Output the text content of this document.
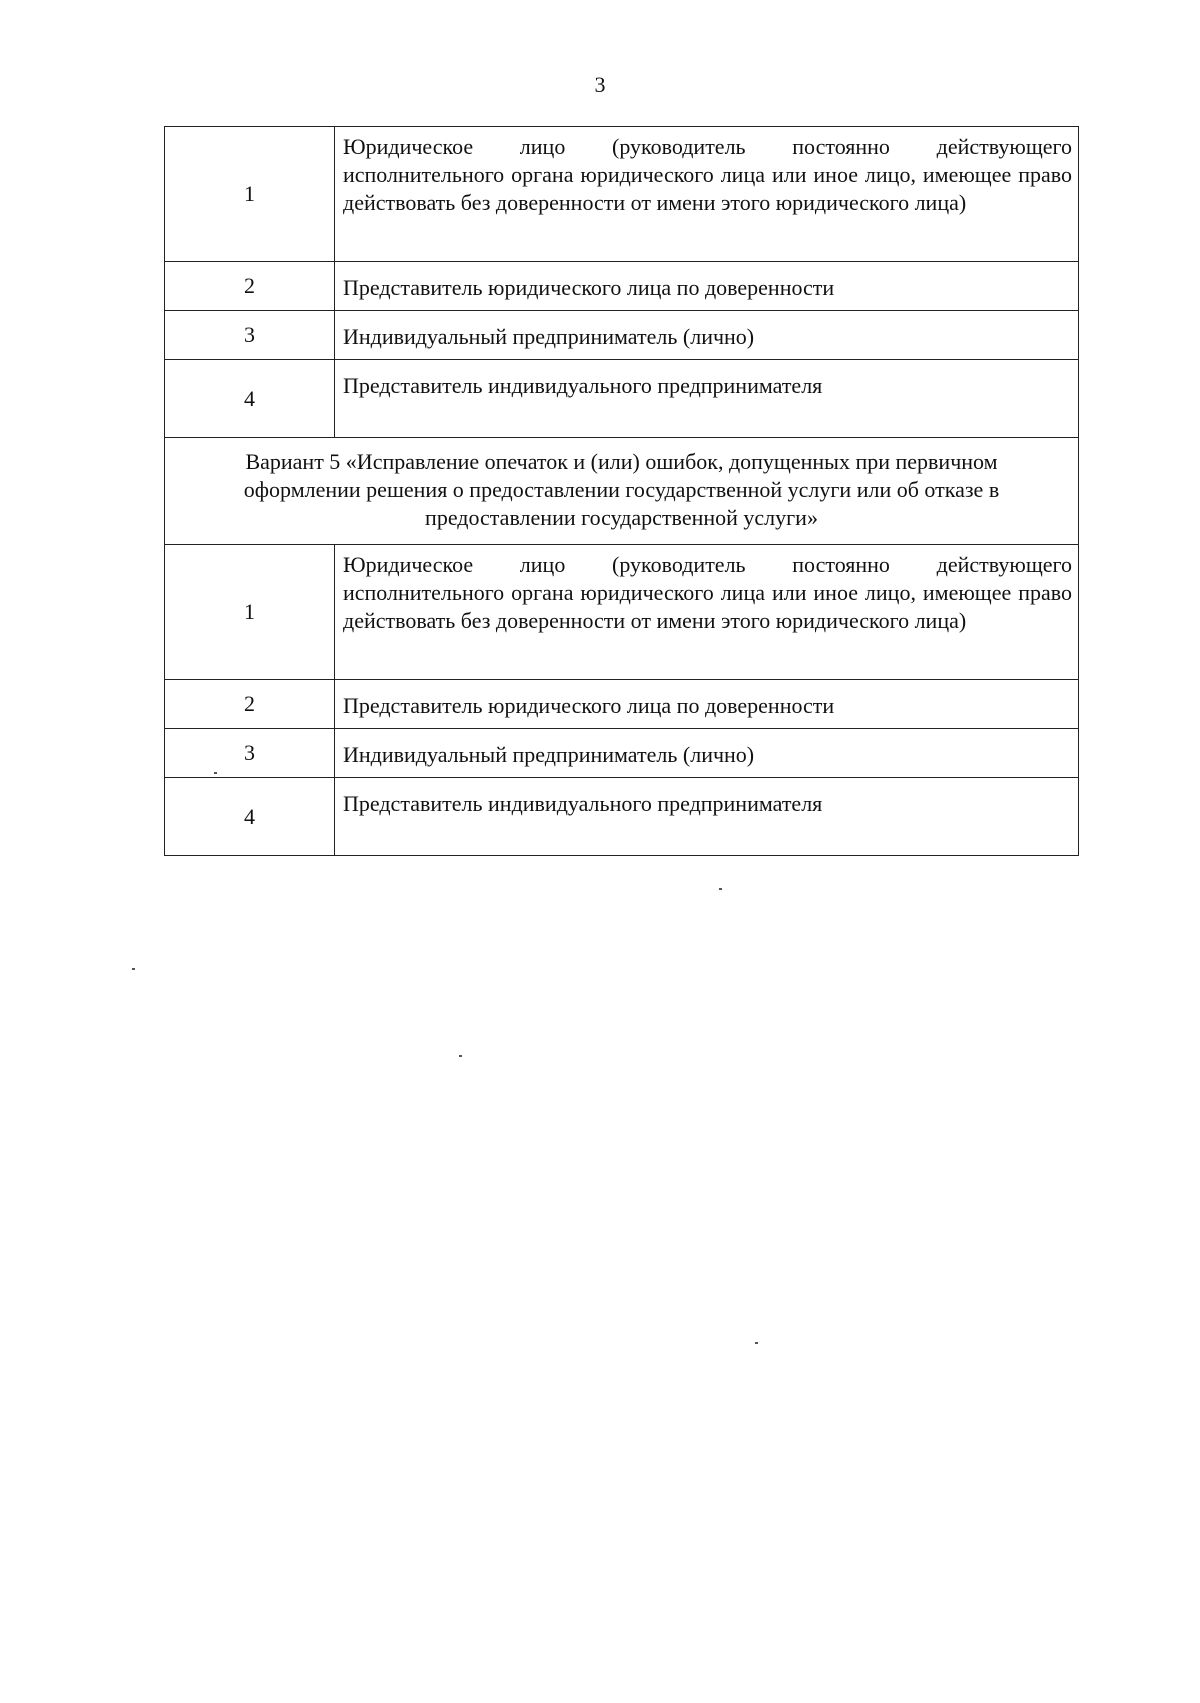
3
1	Юридическое лицо (руководитель постоянно действующего исполнительного органа юридического лица или иное лицо, имеющее право действовать без доверенности от имени этого юридического лица)
2	Представитель юридического лица по доверенности
3	Индивидуальный предприниматель (лично)
4	Представитель индивидуального предпринимателя
Вариант 5 «Исправление опечаток и (или) ошибок, допущенных при первичном оформлении решения о предоставлении государственной услуги или об отказе в предоставлении государственной услуги»	
1	Юридическое лицо (руководитель постоянно действующего исполнительного органа юридического лица или иное лицо, имеющее право действовать без доверенности от имени этого юридического лица)
2	Представитель юридического лица по доверенности
3	Индивидуальный предприниматель (лично)
4	Представитель индивидуального предпринимателя
